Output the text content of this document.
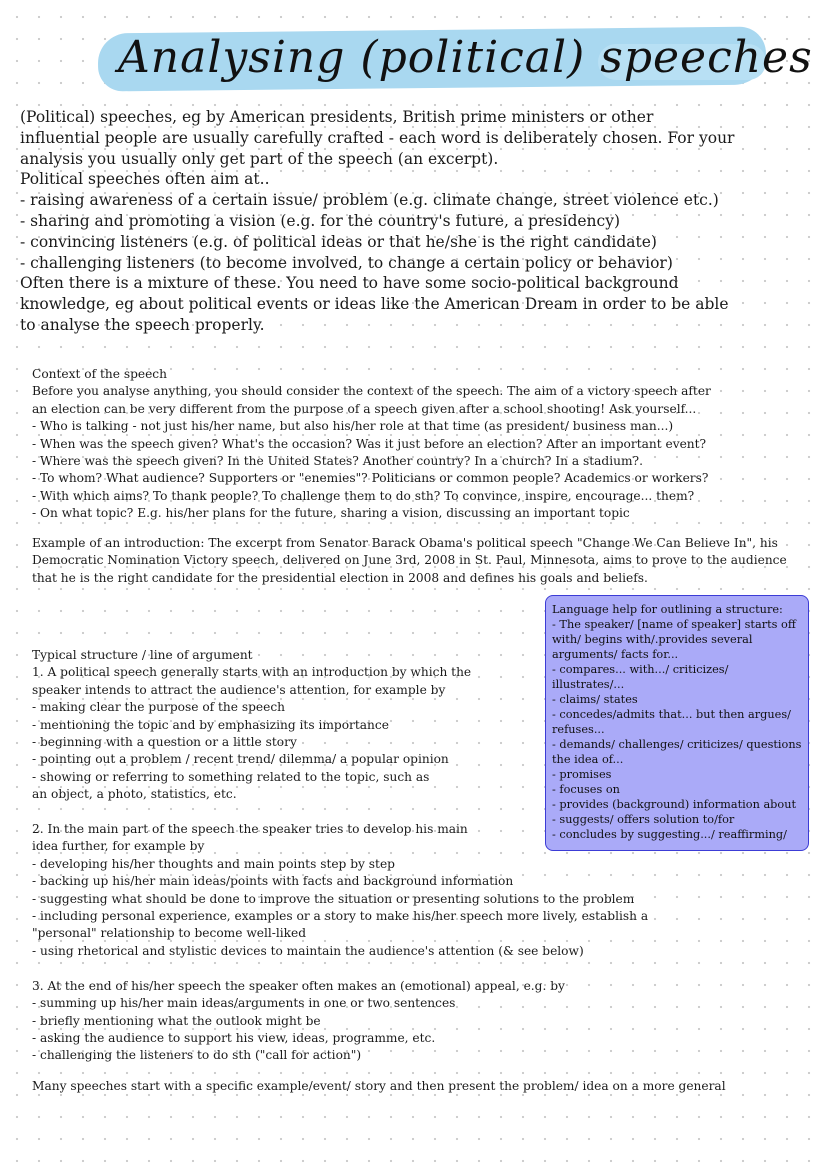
Analysing (political) speeches

(Political) speeches, eg by American presidents, British prime ministers or other

influential people are usually carefully crafted - each word is deliberately chosen. For your

analysis you usually only get part of the speech (an excerpt).

Political speeches often aim at..

- raising awareness of a certain issue/ problem (e.g. climate change, street violence etc.)

- sharing and promoting a vision (e.g. for the country's future, a presidency)

- convincing listeners (e.g. of political ideas or that he/she is the right candidate)

- challenging listeners (to become involved, to change a certain policy or behavior)

Often there is a mixture of these. You need to have some socio-political background

knowledge, eg about political events or ideas like the American Dream in order to be able

to analyse the speech properly.

Context of the speech

Before you analyse anything, you should consider the context of the speech. The aim of a victory speech after

an election can be very different from the purpose of a speech given after a school shooting! Ask yourself...

- Who is talking - not just his/her name, but also his/her role at that time (as president/ business man...)

- When was the speech given? What's the occasion? Was it just before an election? After an important event?

- Where was the speech given? In the United States? Another country? In a church? In a stadium?.

- To whom? What audience? Supporters or "enemies"? Politicians or common people? Academics or workers?

- With which aims? To thank people? To challenge them to do sth? To convince, inspire, encourage... them?

- On what topic? E.g. his/her plans for the future, sharing a vision, discussing an important topic

Example of an introduction: The excerpt from Senator Barack Obama's political speech "Change We Can Believe In", his Democratic Nomination Victory speech, delivered on June 3rd, 2008 in St. Paul, Minnesota, aims to prove to the audience that he is the right candidate for the presidential election in 2008 and defines his goals and beliefs.

Typical structure / line of argument

1. A political speech generally starts with an introduction by which the

speaker intends to attract the audience's attention, for example by

- making clear the purpose of the speech

- mentioning the topic and by emphasizing its importance

- beginning with a question or a little story

- pointing out a problem / recent trend/ dilemma/ a popular opinion

- showing or referring to something related to the topic, such as

an object, a photo, statistics, etc.

2. In the main part of the speech the speaker tries to develop his main

idea further, for example by

- developing his/her thoughts and main points step by step

- backing up his/her main ideas/points with facts and background information

- suggesting what should be done to improve the situation or presenting solutions to the problem

- including personal experience, examples or a story to make his/her speech more lively, establish a

"personal" relationship to become well-liked

- using rhetorical and stylistic devices to maintain the audience's attention (& see below)

3. At the end of his/her speech the speaker often makes an (emotional) appeal, e.g. by

- summing up his/her main ideas/arguments in one or two sentences

- briefly mentioning what the outlook might be

- asking the audience to support his view, ideas, programme, etc.

- challenging the listeners to do sth ("call for action")

Many speeches start with a specific example/event/ story and then present the problem/ idea on a more general

Language help for outlining a structure:

- The speaker/ [name of speaker] starts off with/ begins with/.provides several arguments/ facts for...

- compares... with.../ criticizes/ illustrates/...

- claims/ states

- concedes/admits that... but then argues/ refuses...

- demands/ challenges/ criticizes/ questions the idea of...

- promises

- focuses on

- provides (background) information about

- suggests/ offers solution to/for

- concludes by suggesting.../ reaffirming/
